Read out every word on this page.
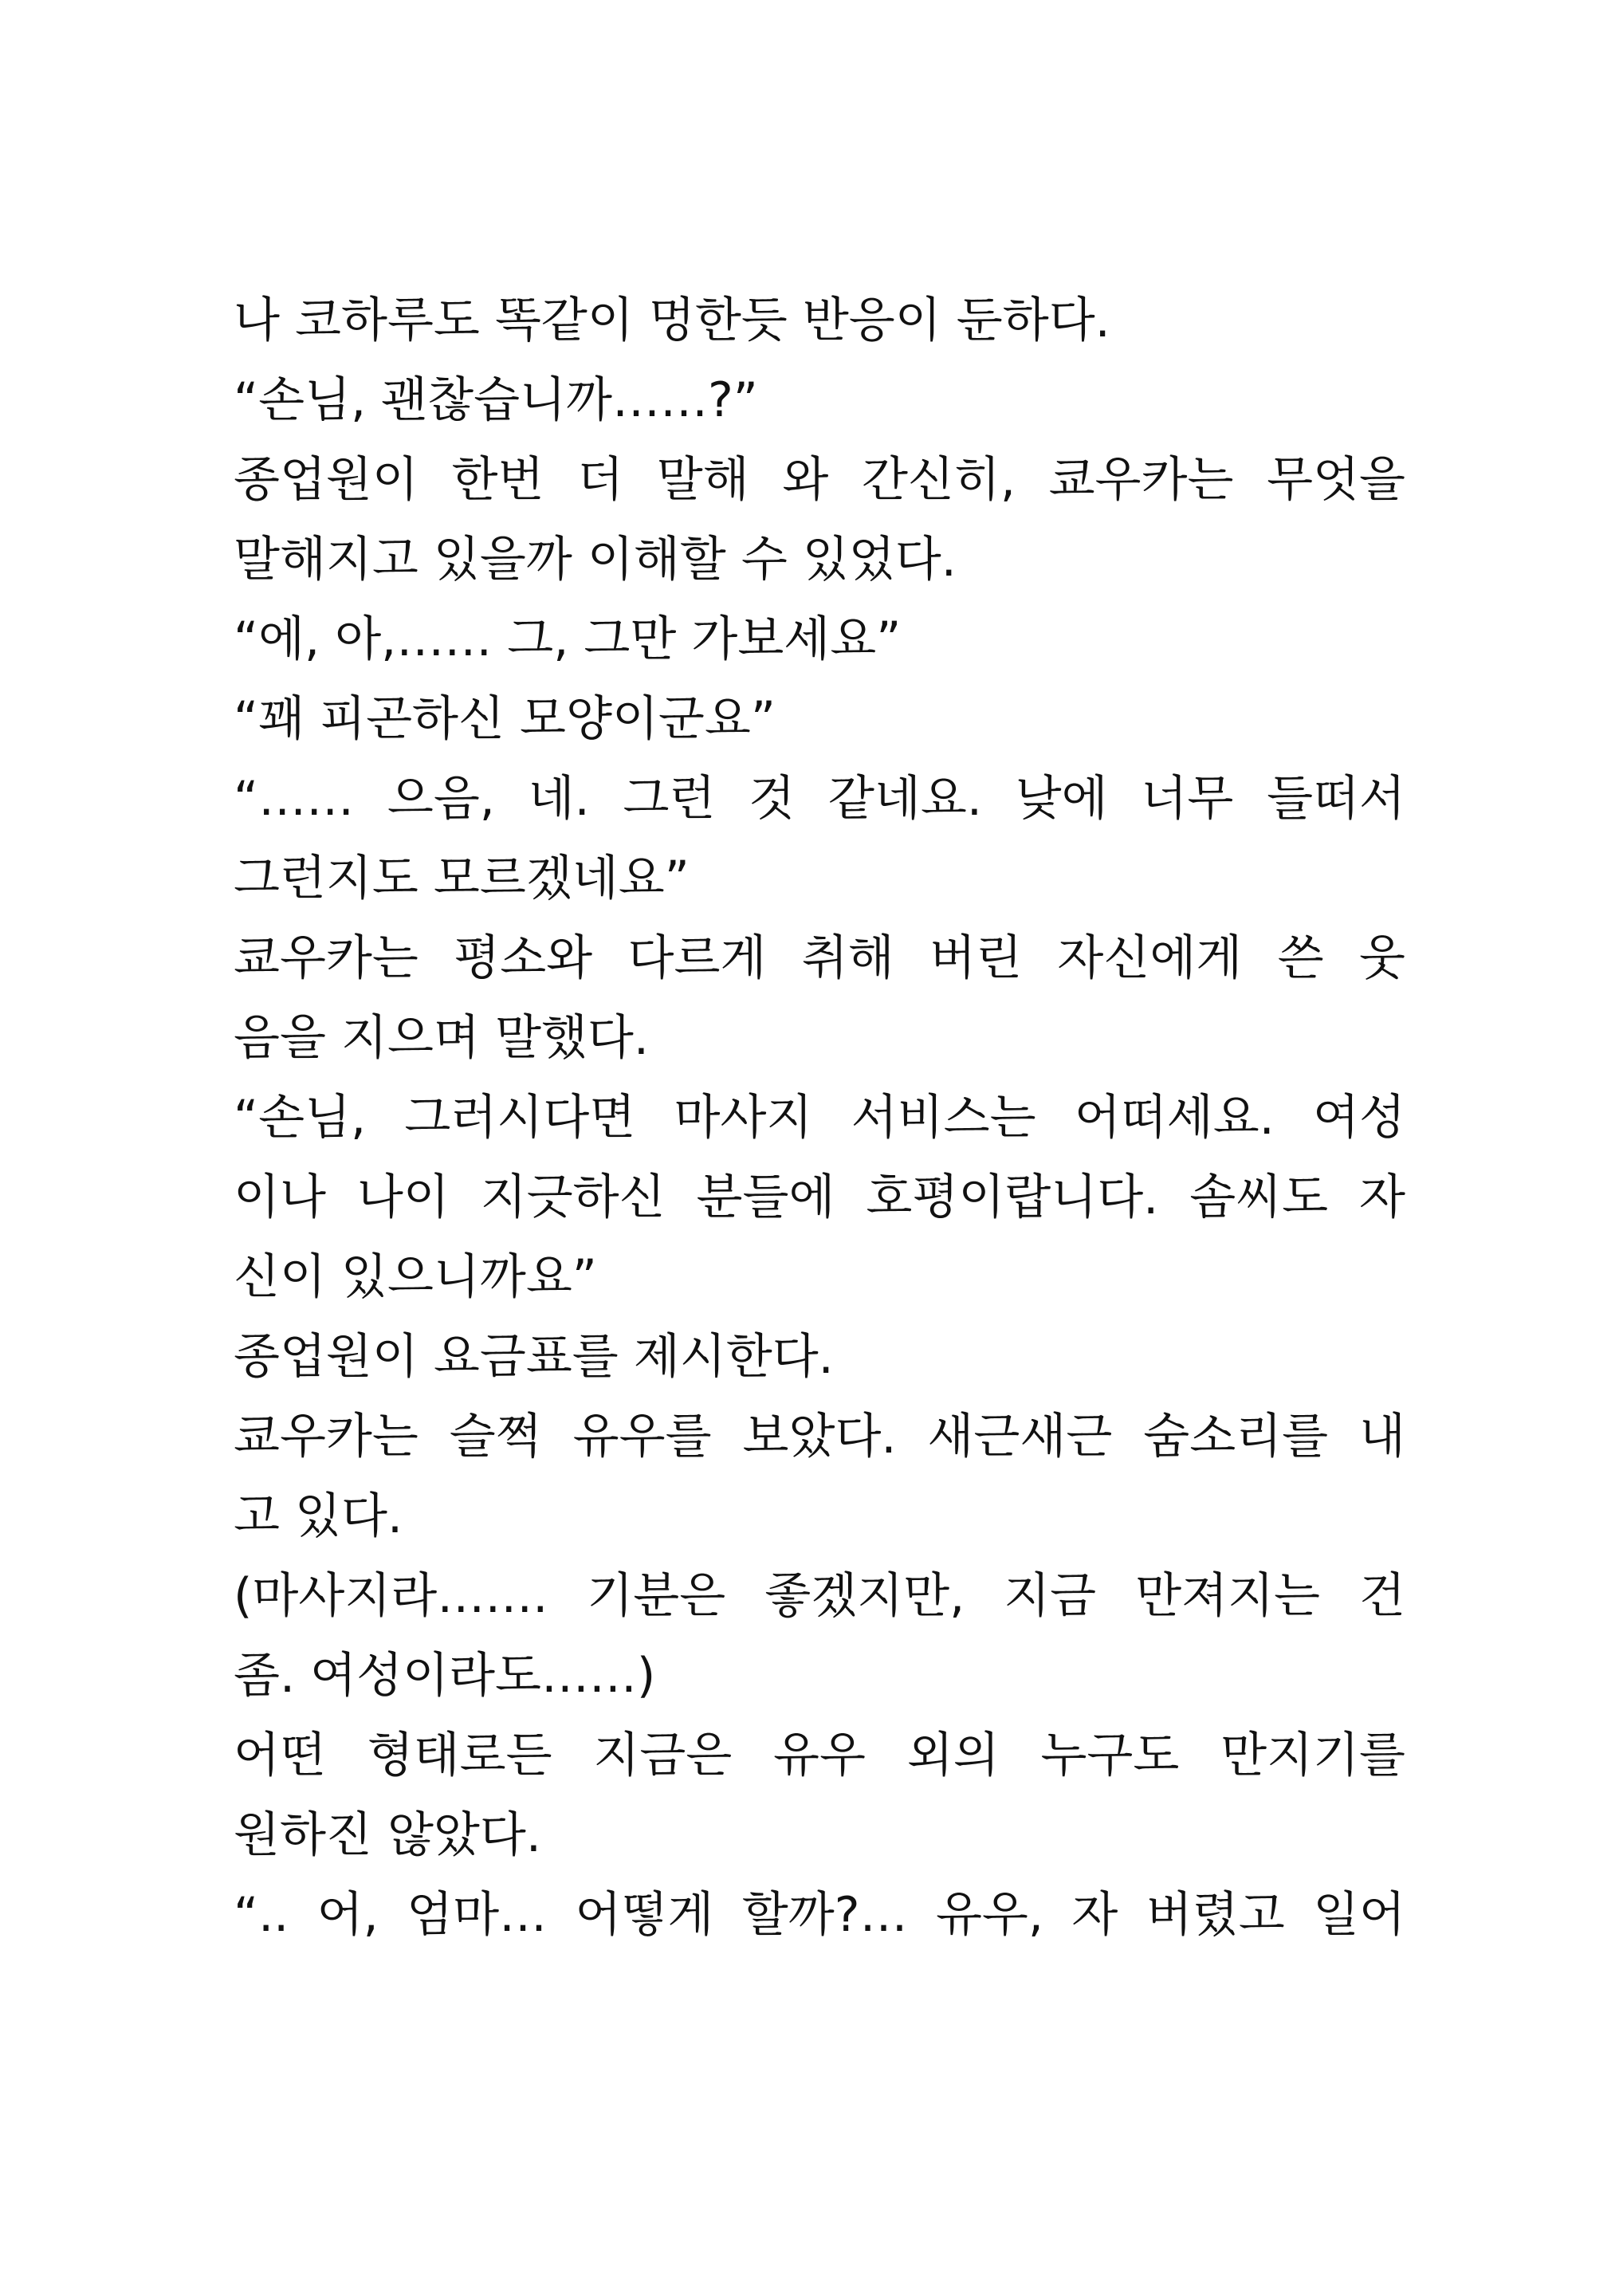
나 코하루도 똑같이 멍한듯 반응이 둔하다.
“손님, 괜찮습니까……?”
종업원이 한번 더 말해 와 간신히, 쿄우카는 무엇을
말해지고 있을까 이해할 수 있었다.
“에, 아,…… 그, 그만 가보세요”
“꽤 피곤하신 모양이군요”
“…… 으음, 네. 그런 것 같네요. 낮에 너무 들떠서
그런지도 모르겠네요”
쿄우카는 평소와 다르게 취해 버린 자신에게 쓴 웃
음을 지으며 말했다.
“손님, 그러시다면 마사지 서비스는 어떠세요. 여성
이나 나이 지긋하신 분들에 호평이랍니다. 솜씨도 자
신이 있으니까요”
종업원이 요금표를 제시한다.
쿄우카는 슬쩍 유우를 보았다. 새근새근 숨소리를 내
고 있다.
(마사지라……. 기분은 좋겠지만, 지금 만져지는 건
좀. 여성이라도……)
어떤 형태로든 지금은 유우 외의 누구도 만지기를
원하진 않았다.
“.. 어, 엄마… 어떻게 할까?… 유우, 자 버렸고 일어
